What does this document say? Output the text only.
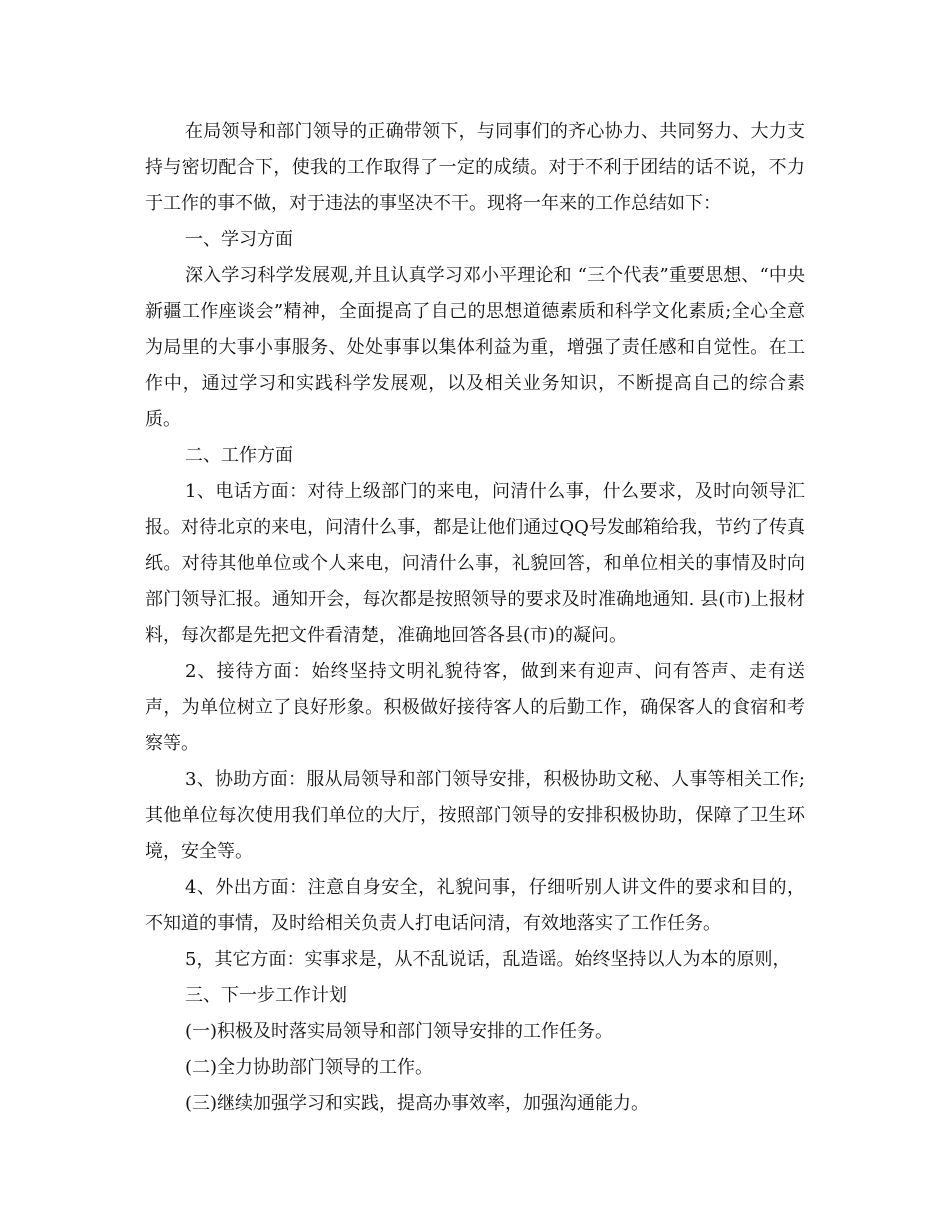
在局领导和部门领导的正确带领下，与同事们的齐心协力、共同努力、大力支持与密切配合下，使我的工作取得了一定的成绩。对于不利于团结的话不说，不力于工作的事不做，对于违法的事坚决不干。现将一年来的工作总结如下：

一、学习方面

深入学习科学发展观,并且认真学习邓小平理论和 “三个代表”重要思想、“中央新疆工作座谈会”精神，全面提高了自己的思想道德素质和科学文化素质;全心全意为局里的大事小事服务、处处事事以集体利益为重，增强了责任感和自觉性。在工作中，通过学习和实践科学发展观，以及相关业务知识，不断提高自己的综合素质。

二、工作方面

1、电话方面：对待上级部门的来电，问清什么事，什么要求，及时向领导汇报。对待北京的来电，问清什么事，都是让他们通过QQ号发邮箱给我，节约了传真纸。对待其他单位或个人来电，问清什么事，礼貌回答，和单位相关的事情及时向部门领导汇报。通知开会，每次都是按照领导的要求及时准确地通知. 县(市)上报材料，每次都是先把文件看清楚，准确地回答各县(市)的凝问。

2、接待方面：始终坚持文明礼貌待客，做到来有迎声、问有答声、走有送声，为单位树立了良好形象。积极做好接待客人的后勤工作，确保客人的食宿和考察等。

3、协助方面：服从局领导和部门领导安排，积极协助文秘、人事等相关工作;其他单位每次使用我们单位的大厅，按照部门领导的安排积极协助，保障了卫生环境，安全等。

4、外出方面：注意自身安全，礼貌问事，仔细听别人讲文件的要求和目的，不知道的事情，及时给相关负责人打电话问清，有效地落实了工作任务。

5，其它方面：实事求是，从不乱说话，乱造谣。始终坚持以人为本的原则，

三、下一步工作计划

(一)积极及时落实局领导和部门领导安排的工作任务。

(二)全力协助部门领导的工作。

(三)继续加强学习和实践，提高办事效率，加强沟通能力。
